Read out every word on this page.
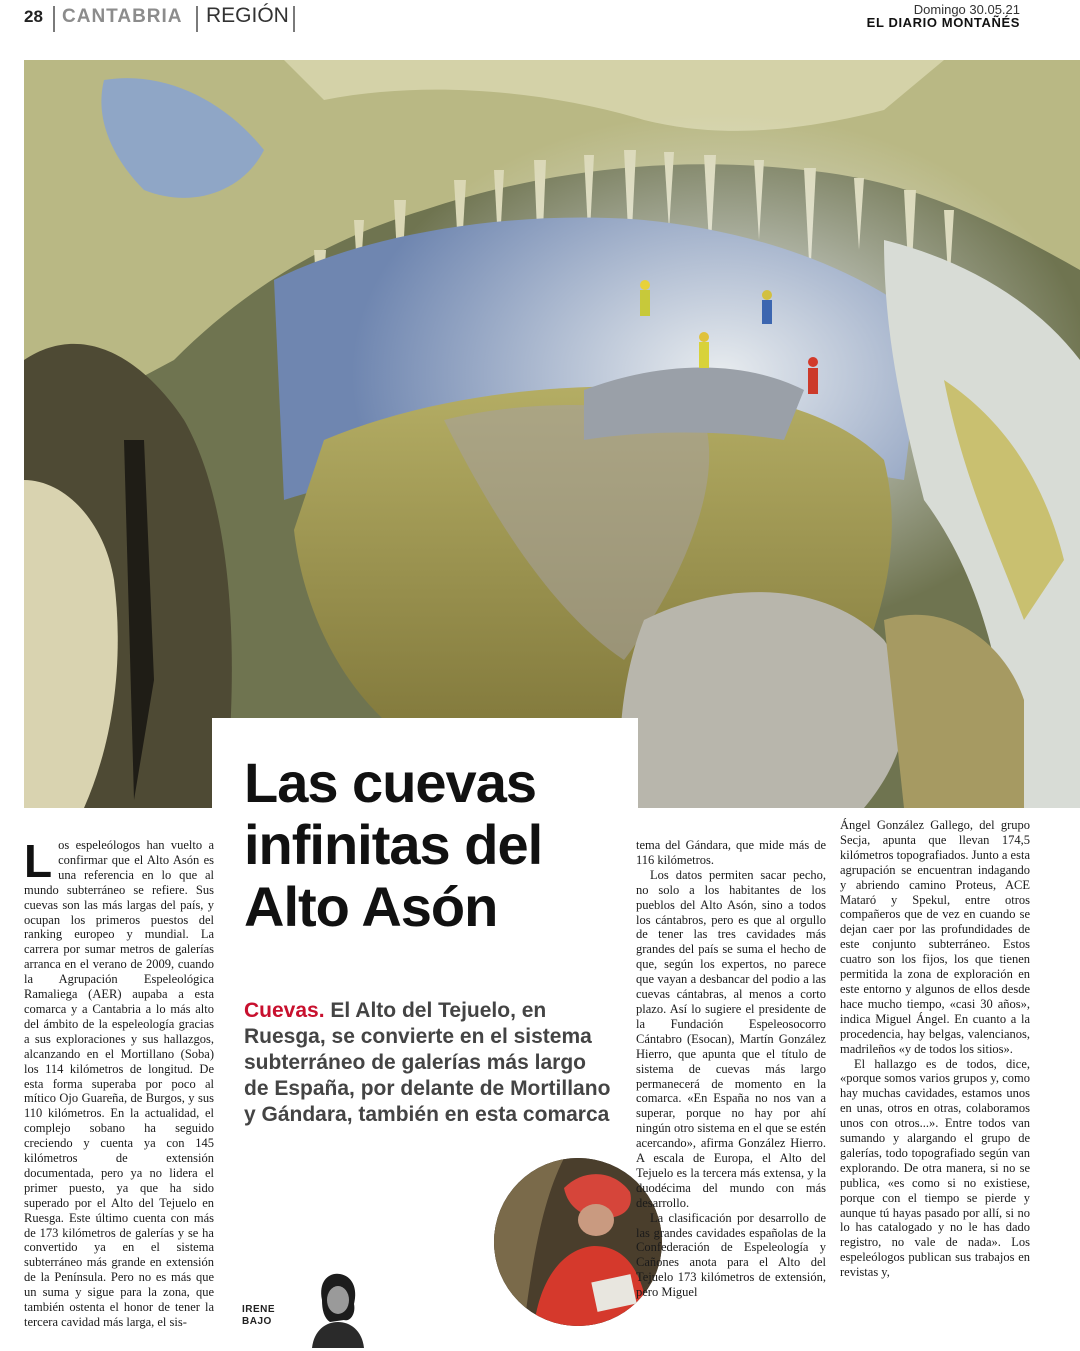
28 CANTABRIA REGIÓN	Domingo 30.05.21
EL DIARIO MONTAÑÉS
Las cuevas
infinitas del
Alto Asón
Cuevas. El Alto del Tejuelo, en Ruesga, se convierte en el sistema subterráneo de galerías más largo de España, por delante de Mortillano y Gándara, también en esta comarca

Los espeleólogos han vuelto a confirmar que el Alto Asón es una referencia en lo que al mundo subterráneo se refiere. Sus cuevas son las más largas del país, y ocupan los primeros puestos del ranking europeo y mundial. La carrera por sumar metros de galerías arranca en el verano de 2009, cuando la Agrupación Espeleológica Ramaliega (AER) aupaba a esta comarca y a Cantabria a lo más alto del ámbito de la espeleología gracias a sus exploraciones y sus hallazgos, alcanzando en el Mortillano (Soba) los 114 kilómetros de longitud. De esta forma superaba por poco al mítico Ojo Guareña, de Burgos, y sus 110 kilómetros. En la actualidad, el complejo sobano ha seguido creciendo y cuenta ya con 145 kilómetros de extensión documentada, pero ya no lidera el primer puesto, ya que ha sido superado por el Alto del Tejuelo en Ruesga. Este último cuenta con más de 173 kilómetros de galerías y se ha convertido ya en el sistema subterráneo más grande en extensión de la Península. Pero no es más que un suma y sigue para la zona, que también ostenta el honor de tener la tercera cavidad más larga, el sis-

IRENE
BAJO

tema del Gándara, que mide más de 116 kilómetros.

Los datos permiten sacar pecho, no solo a los habitantes de los pueblos del Alto Asón, sino a todos los cántabros, pero es que al orgullo de tener las tres cavidades más grandes del país se suma el hecho de que, según los expertos, no parece que vayan a desbancar del podio a las cuevas cántabras, al menos a corto plazo. Así lo sugiere el presidente de la Fundación Espeleosocorro Cántabro (Esocan), Martín González Hierro, que apunta que el título de sistema de cuevas más largo permanecerá de momento en la comarca. «En España no nos van a superar, porque no hay por ahí ningún otro sistema en el que se estén acercando», afirma González Hierro. A escala de Europa, el Alto del Tejuelo es la tercera más extensa, y la duodécima del mundo con más desarrollo.

La clasificación por desarrollo de las grandes cavidades españolas de la Confederación de Espeleología y Cañones anota para el Alto del Tejuelo 173 kilómetros de extensión, pero Miguel

Ángel González Gallego, del grupo Secja, apunta que llevan 174,5 kilómetros topografiados. Junto a esta agrupación se encuentran indagando y abriendo camino Proteus, ACE Mataró y Spekul, entre otros compañeros que de vez en cuando se dejan caer por las profundidades de este conjunto subterráneo. Estos cuatro son los fijos, los que tienen permitida la zona de exploración en este entorno y algunos de ellos desde hace mucho tiempo, «casi 30 años», indica Miguel Ángel. En cuanto a la procedencia, hay belgas, valencianos, madrileños «y de todos los sitios».

El hallazgo es de todos, dice, «porque somos varios grupos y, como hay muchas cavidades, estamos unos en unas, otros en otras, colaboramos unos con otros...». Entre todos van sumando y alargando el grupo de galerías, todo topografiado según van explorando. De otra manera, si no se publica, «es como si no existiese, porque con el tiempo se pierde y aunque tú hayas pasado por allí, si no lo has catalogado y no le has dado registro, no vale de nada». Los espeleólogos publican sus trabajos en revistas y,
